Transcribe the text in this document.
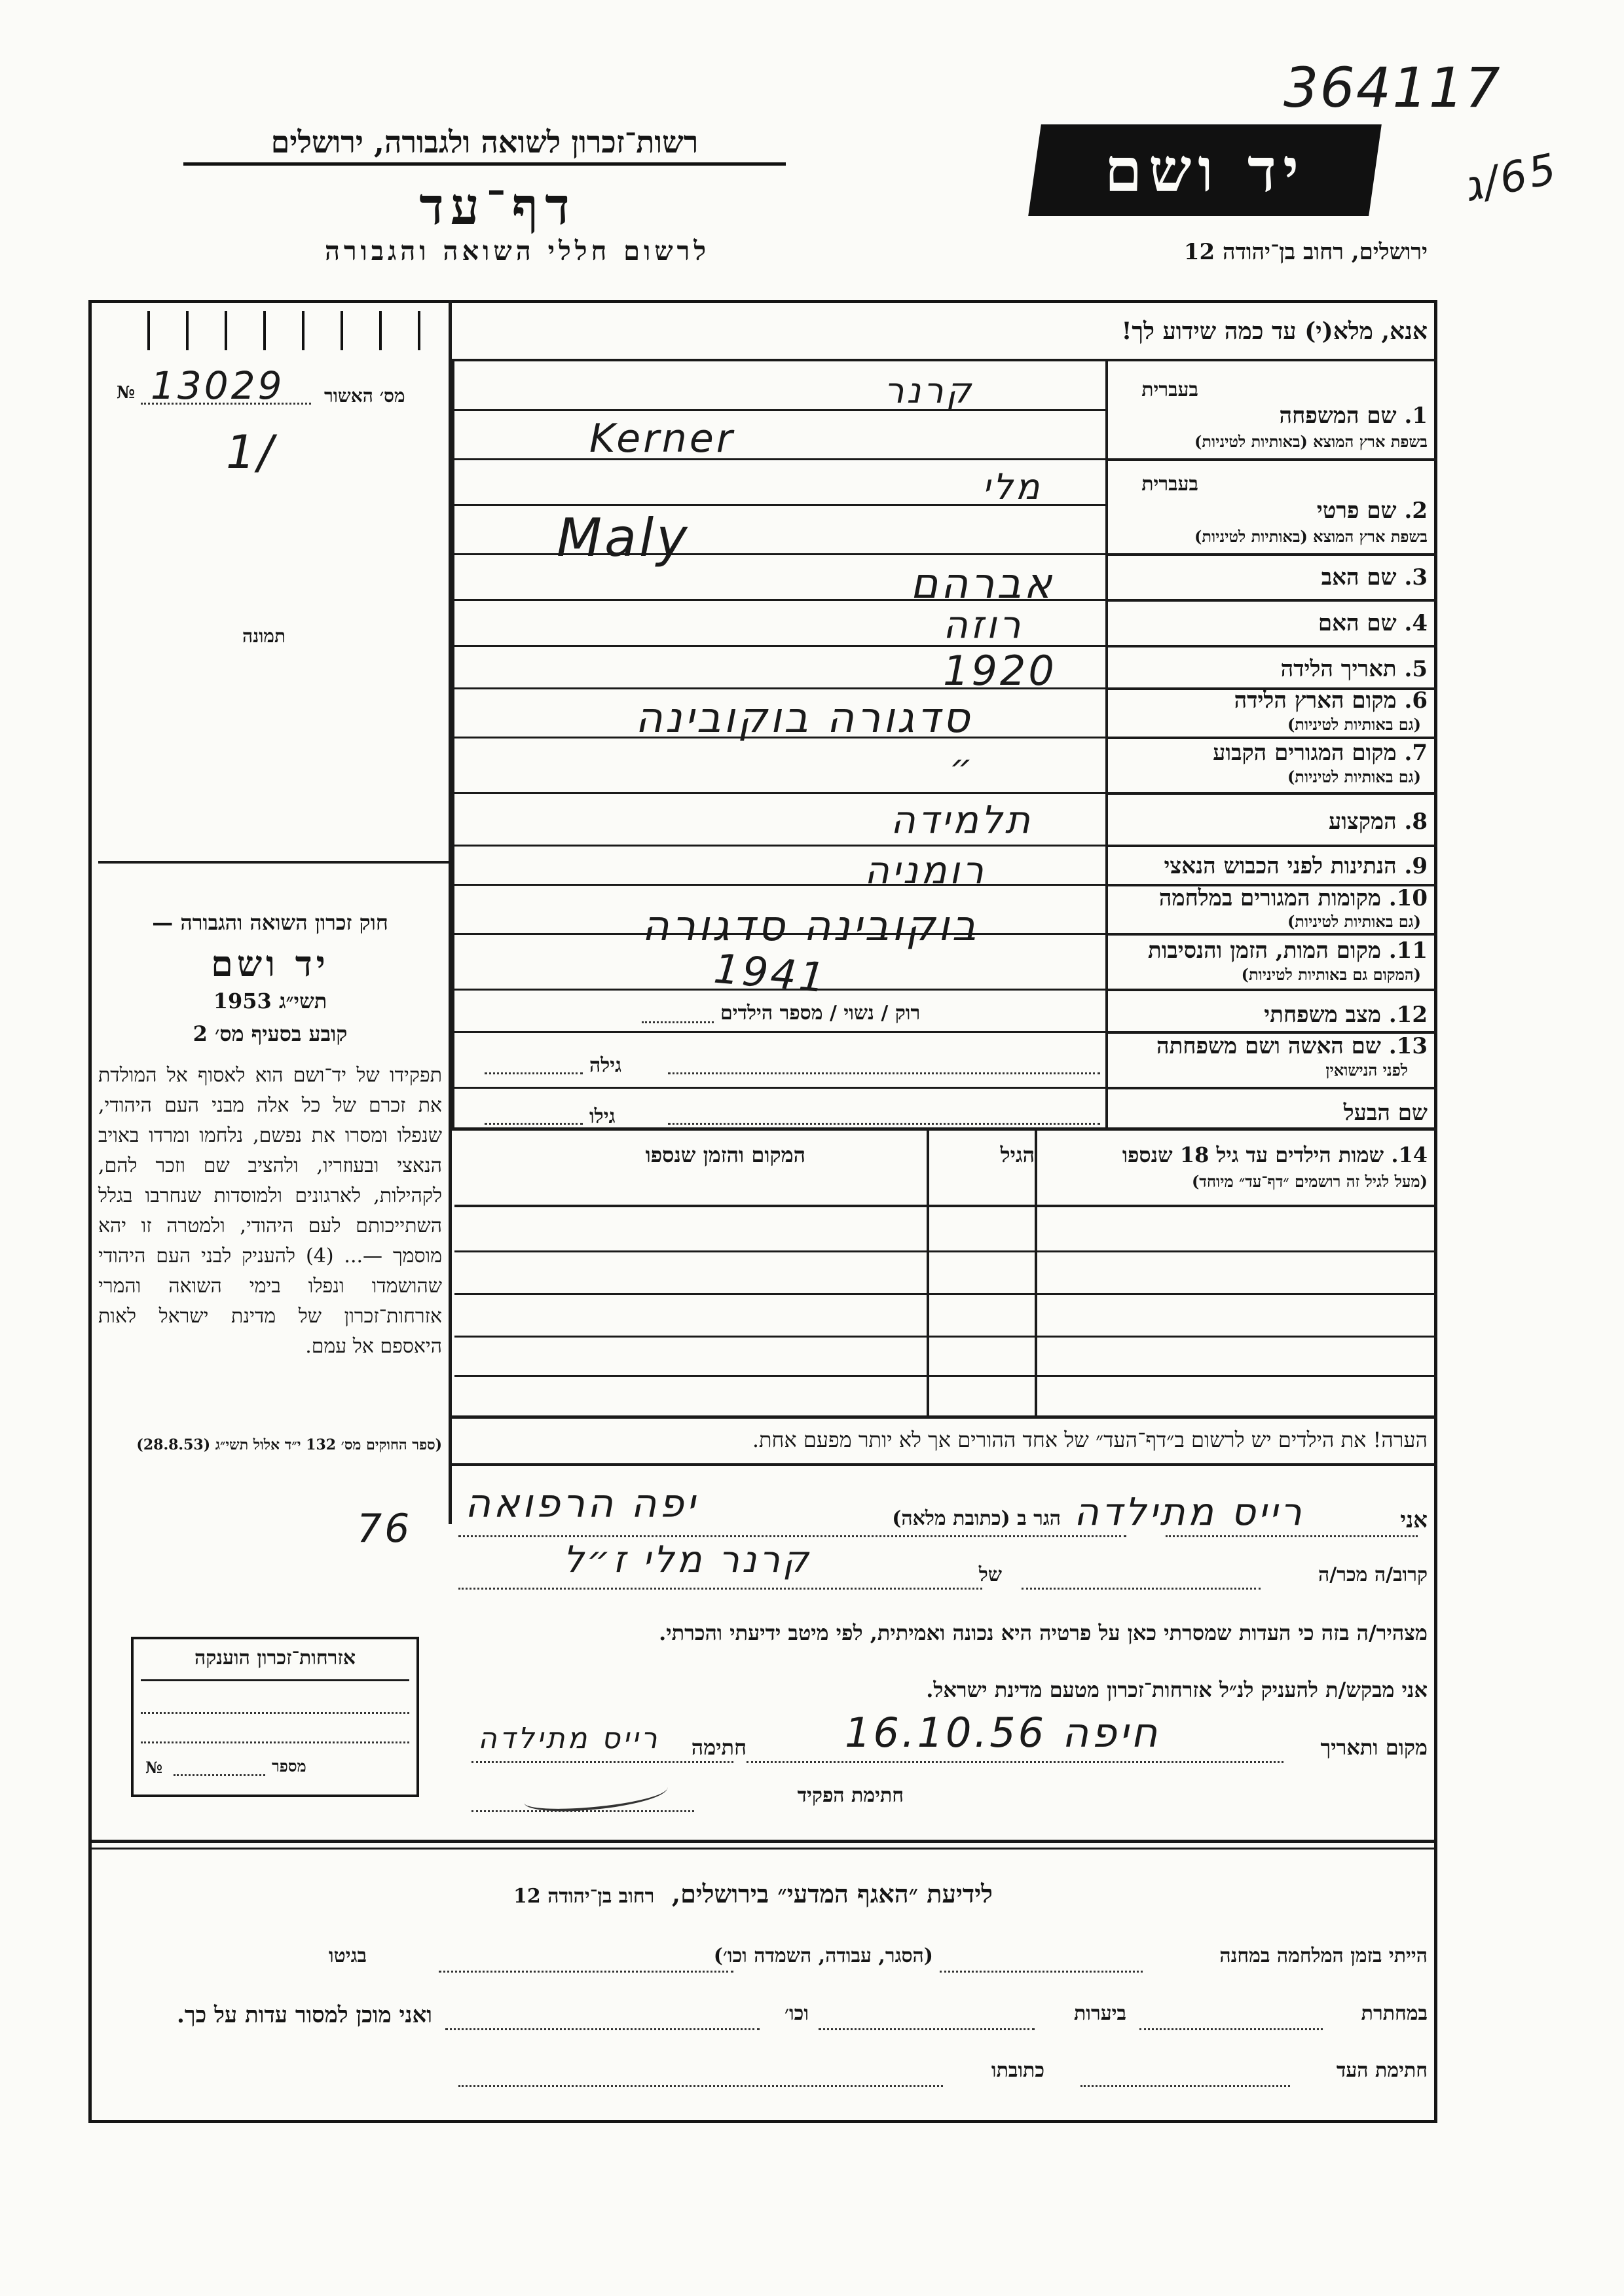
רשות־זכרון לשואה ולגבורה, ירושלים
דף־עד
לרשום חללי השואה והגבורה
יד ושם
ירושלים, רחוב בן־יהודה 12
364117
65/ג
אנא, מלא(י) עד כמה שידוע לך!
№ 13029 מס׳ האשור
1/
תמונה
חוק זכרון השואה והגבורה —
יד ושם
תשי״ג 1953
קובע בסעיף מס׳ 2
תפקידו של יד־ושם הוא לאסוף אל המולדת את זכרם של כל אלה מבני העם היהודי, שנפלו ומסרו את נפשם, נלחמו ומרדו באויב הנאצי ובעוזריו, ולהציב שם וזכר להם, לקהילות, לארגונים ולמוסדות שנחרבו בגלל השתייכותם לעם היהודי, ולמטרה זו יהא מוסמך —... (4) להעניק לבני העם היהודי שהושמדו ונפלו בימי השואה והמרי אזרחות־זכרון של מדינת ישראל לאות היאספם אל עמם.
(ספר החוקים מס׳ 132 י״ד אלול תשי״ג (28.8.53)
בעברית
1. שם המשפחה
בשפת ארץ המוצא (באותיות לטיניות)
בעברית
2. שם פרטי
בשפת ארץ המוצא (באותיות לטיניות)
3. שם האב
4. שם האם
5. תאריך הלידה
6. מקום הארץ הלידה
(גם באותיות לטיניות)
7. מקום המגורים הקבוע
(גם באותיות לטיניות)
8. המקצוע
9. הנתינות לפני הכבוש הנאצי
10. מקומות המגורים במלחמה
(גם באותיות לטיניות)
11. מקום המות, הזמן והנסיבות
(המקום גם באותיות לטיניות)
12. מצב משפחתי
13. שם האשה ושם משפחתה
לפני הנישואין
שם הבעל
קרנר
Kerner
מלי
Maly
אברהם
רוזה
1920
סדגורה בוקובינה
״
תלמידה
רומניה
בוקובינה סדגורה
1941
רוק / נשוי / מספר הילדים
גילה
גילו
14. שמות הילדים עד גיל 18 שנספו
(מעל לגיל זה רושמים ״דף־עד״ מיוחד)
הגיל
המקום והזמן שנספו
הערה! את הילדים יש לרשום ב״דף־העד״ של אחד ההורים אך לא יותר מפעם אחת.
76	אני
רייס מתילדה
הגר ב (כתובת מלאה)
יפה הרפואה
קרוב/ה מכר/ה
של
קרנר מלי ז״ל
מצהיר/ה בזה כי העדות שמסרתי כאן על פרטיה היא נכונה ואמיתית, לפי מיטב ידיעתי והכרתי.
אני מבקש/ת להעניק לנ״ל אזרחות־זכרון מטעם מדינת ישראל.
מקום ותאריך
חיפה 16.10.56
חתימה
רייס מתילדה
חתימת הפקיד
אזרחות־זכרון הוענקה
№	מספר
לידיעת ״האגף המדעי״ בירושלים,  רחוב בן־יהודה 12
הייתי בזמן המלחמה במחנה
(הסגר, עבודה, השמדה וכו׳)
בגיטו
במחתרת
ביערות
וכו׳
ואני מוכן למסור עדות על כך.
חתימת העד
כתובתו
